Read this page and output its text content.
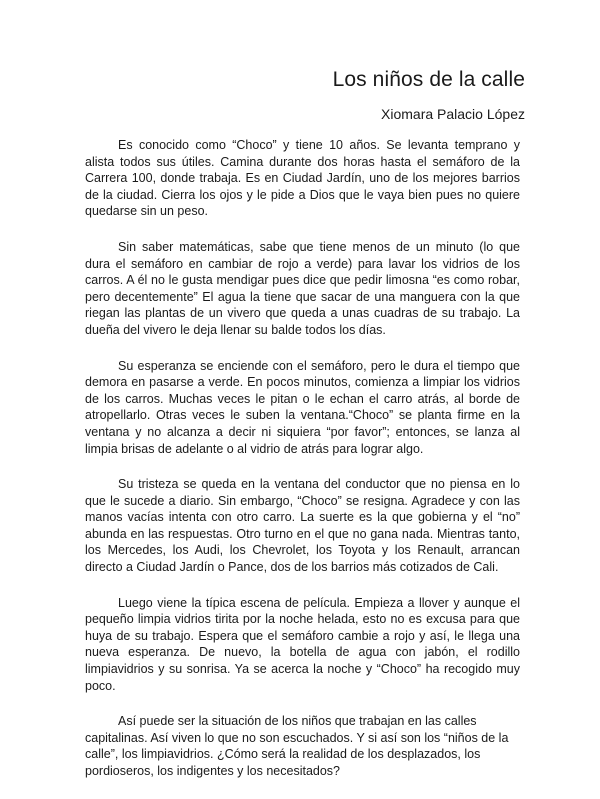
Los niños de la calle

Xiomara Palacio López

Es conocido como “Choco” y tiene 10 años. Se levanta temprano y alista todos sus útiles. Camina durante dos horas hasta el semáforo de la Carrera 100, donde trabaja. Es en Ciudad Jardín, uno de los mejores barrios de la ciudad. Cierra los ojos y le pide a Dios que le vaya bien pues no quiere quedarse sin un peso.

Sin saber matemáticas, sabe que tiene menos de un minuto (lo que dura el semáforo en cambiar de rojo a verde) para lavar los vidrios de los carros. A él no le gusta mendigar pues dice que pedir limosna “es como robar, pero decentemente” El agua la tiene que sacar de una manguera con la que riegan las plantas de un vivero que queda a unas cuadras de su trabajo. La dueña del vivero le deja llenar su balde todos los días.

Su esperanza se enciende con el semáforo, pero le dura el tiempo que demora en pasarse a verde. En pocos minutos, comienza a limpiar los vidrios de los carros. Muchas veces le pitan o le echan el carro atrás, al borde de atropellarlo. Otras veces le suben la ventana.“Choco” se planta firme en la ventana y no alcanza a decir ni siquiera “por favor”; entonces, se lanza al limpia brisas de adelante o al vidrio de atrás para lograr algo.

Su tristeza se queda en la ventana del conductor que no piensa en lo que le sucede a diario. Sin embargo, “Choco” se resigna. Agradece y con las manos vacías intenta con otro carro. La suerte es la que gobierna y el “no” abunda en las respuestas. Otro turno en el que no gana nada. Mientras tanto, los Mercedes, los Audi, los Chevrolet, los Toyota y los Renault, arrancan directo a Ciudad Jardín o Pance, dos de los barrios más cotizados de Cali.

Luego viene la típica escena de película. Empieza a llover y aunque el pequeño limpia vidrios tirita por la noche helada, esto no es excusa para que huya de su trabajo. Espera que el semáforo cambie a rojo y así, le llega una nueva esperanza. De nuevo, la botella de agua con jabón, el rodillo limpiavidrios y su sonrisa. Ya se acerca la noche y “Choco” ha recogido muy poco.

Así puede ser la situación de los niños que trabajan en las calles capitalinas. Así viven lo que no son escuchados. Y si así son los “niños de la calle”, los limpiavidrios. ¿Cómo será la realidad de los desplazados, los pordioseros, los indigentes y los necesitados?
